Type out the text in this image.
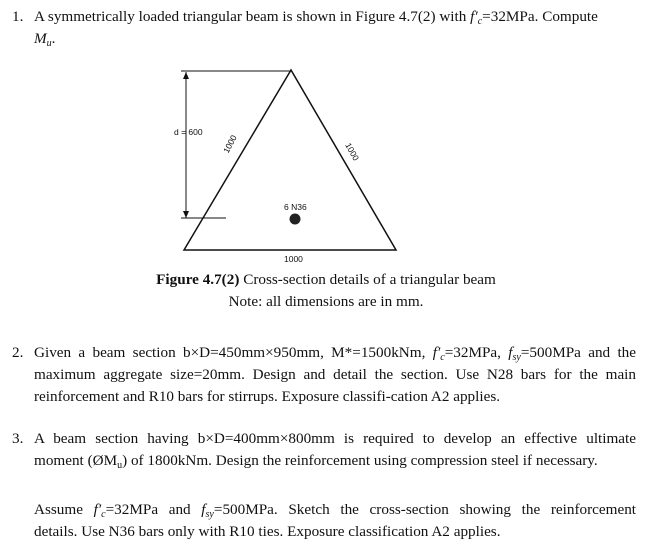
1. A symmetrically loaded triangular beam is shown in Figure 4.7(2) with $f'_c=32MPa$. Compute
$M_u$.
d = 600
1000	1000
6 N36
1000
Figure 4.7(2) Cross-section details of a triangular beam
Note: all dimensions are in mm.
2. Given a beam section b×D=450mm×950mm, M*=1500kNm, $f'_c=32MPa$, $f_{sy}=500MPa$ and the
maximum aggregate size=20mm. Design and detail the section. Use N28 bars for the main
reinforcement and R10 bars for stirrups. Exposure classifi-cation A2 applies.
3. A beam section having b×D=400mm×800mm is required to develop an effective ultimate
moment $(ØM_u)$ of 1800kNm. Design the reinforcement using compression steel if necessary.
Assume $f'_c=32MPa$ and $f_{sy}=500MPa$. Sketch the cross-section showing the reinforcement
details. Use N36 bars only with R10 ties. Exposure classification A2 applies.
